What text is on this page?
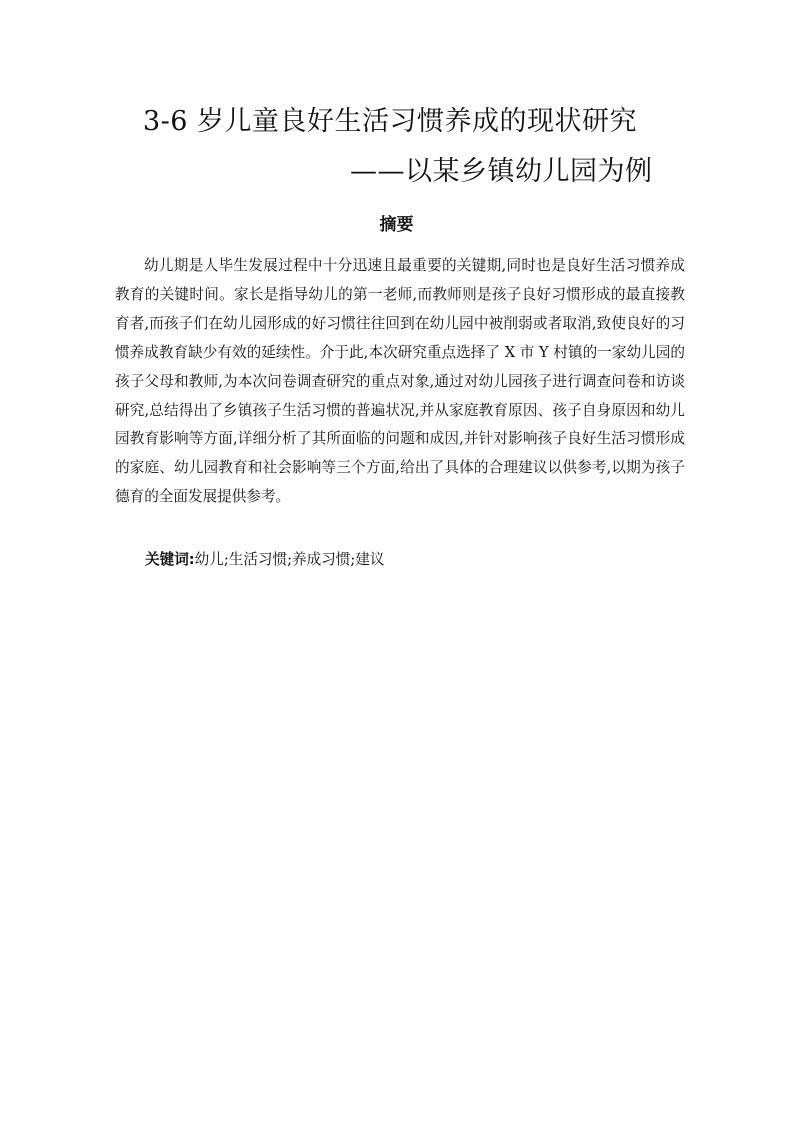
3-6 岁儿童良好生活习惯养成的现状研究
——以某乡镇幼儿园为例
摘要

幼儿期是人毕生发展过程中十分迅速且最重要的关键期,同时也是良好生活习惯养成教育的关键时间。家长是指导幼儿的第一老师,而教师则是孩子良好习惯形成的最直接教育者,而孩子们在幼儿园形成的好习惯往往回到在幼儿园中被削弱或者取消,致使良好的习惯养成教育缺少有效的延续性。介于此,本次研究重点选择了 X 市 Y 村镇的一家幼儿园的孩子父母和教师,为本次问卷调查研究的重点对象,通过对幼儿园孩子进行调查问卷和访谈研究,总结得出了乡镇孩子生活习惯的普遍状况,并从家庭教育原因、孩子自身原因和幼儿园教育影响等方面,详细分析了其所面临的问题和成因,并针对影响孩子良好生活习惯形成的家庭、幼儿园教育和社会影响等三个方面,给出了具体的合理建议以供参考,以期为孩子德育的全面发展提供参考。

关键词:幼儿;生活习惯;养成习惯;建议
